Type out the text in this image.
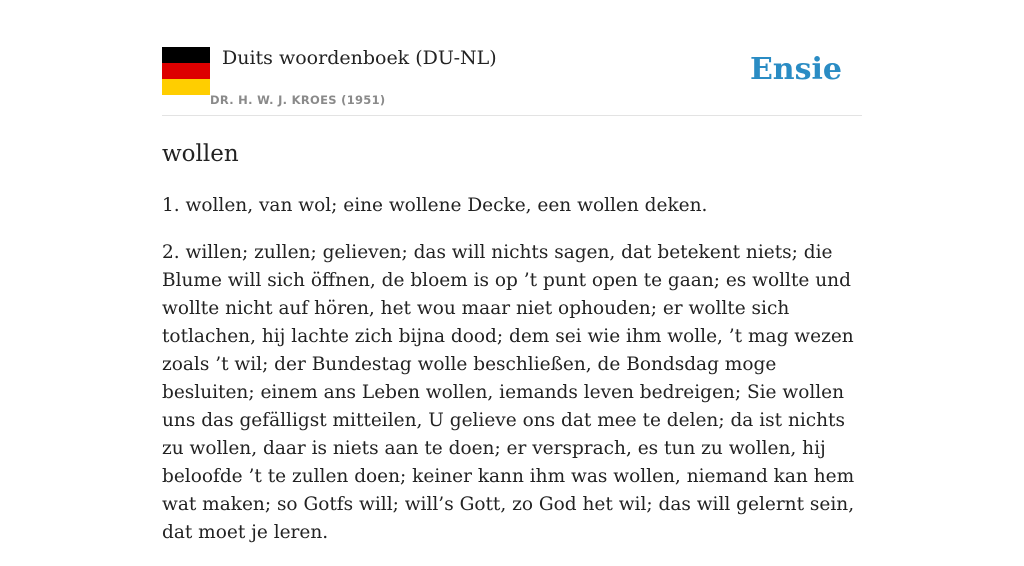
Duits woordenboek (DU-NL)
DR. H. W. J. KROES (1951)
Ensie
wollen

1. wollen, van wol; eine wollene Decke, een wollen deken.

2. willen; zullen; gelieven; das will nichts sagen, dat betekent niets; die Blume will sich öffnen, de bloem is op ’t punt open te gaan; es wollte und wollte nicht auf hören, het wou maar niet ophouden; er wollte sich totlachen, hij lachte zich bijna dood; dem sei wie ihm wolle, ’t mag wezen zoals ’t wil; der Bundestag wolle beschließen, de Bondsdag moge besluiten; einem ans Leben wollen, iemands leven bedreigen; Sie wollen uns das gefälligst mitteilen, U gelieve ons dat mee te delen; da ist nichts zu wollen, daar is niets aan te doen; er versprach, es tun zu wollen, hij beloofde ’t te zullen doen; keiner kann ihm was wollen, niemand kan hem wat maken; so Gotfs will; will’s Gott, zo God het wil; das will gelernt sein, dat moet je leren.
